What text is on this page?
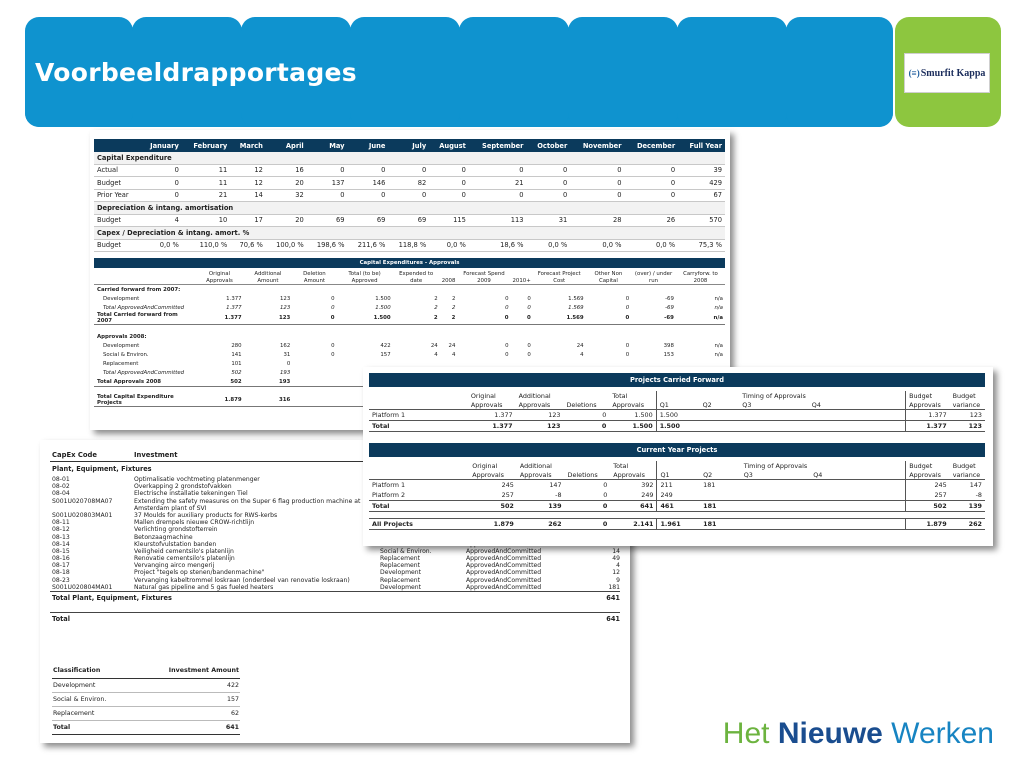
Voorbeeldrapportages	(≡) Smurfit Kappa
	January	February	March	April	May	June	July	August	September	October	November	December	Full Year
Capital Expenditure													
Actual	0	11	12	16	0	0	0	0	0	0	0	0	39
Budget	0	11	12	20	137	146	82	0	21	0	0	0	429
Prior Year	0	21	14	32	0	0	0	0	0	0	0	0	67
Depreciation & intang. amortisation													
Budget	4	10	17	20	69	69	69	115	113	31	28	26	570
Capex / Depreciation & intang. amort. %													
Budget	0,0 %	110,0 %	70,6 %	100,0 %	198,6 %	211,6 %	118,8 %	0,0 %	18,6 %	0,0 %	0,0 %	0,0 %	75,3 %
Capital Expenditures - Approvals												
	Original Approvals	Additional Amount	Deletion Amount	Total (to be) Approved	Expended to date	2008	Forecast Spend 2009	2010+	Forecast Project Cost	Other Non Capital	(over) / under run	Carryforw. to 2008
Carried forward from 2007:												
Development	1.377	123	0	1.500	2	2	0	0	1.569	0	-69	n/a
Total ApprovedAndCommitted	1.377	123	0	1.500	2	2	0	0	1.569	0	-69	n/a
Total Carried forward from 2007	1.377	123	0	1.500	2	2	0	0	1.569	0	-69	n/a

Approvals 2008:												
Development	280	162	0	422	24	24	0	0	24	0	398	n/a
Social & Environ.	141	31	0	157	4	4	0	0	4	0	153	n/a
Replacement	101	0										
Total ApprovedAndCommitted	502	193										
Total Approvals 2008	502	193										

Total Capital Expenditure Projects	1.879	316										
CapEx Code	Investment
Plant, Equipment, Fixtures
08-01	Optimalisatie vochtmeting platenmenger
08-02	Overkapping 2 grondstofvakken
08-04	Electrische installatie tekeningen Tiel
S001U020708MA07	Extending the safety measures on the Super 6 flag production machine at
Amsterdam plant of SVI
S001U020803MA01	37 Moulds for auxiliary products for RWS-kerbs
08-11	Mallen drempels nieuwe CROW-richtlijn
08-12	Verlichting grondstofterrein
08-13	Betonzaagmachine
08-14	Kleurstofvulstation banden
08-15	Veiligheid cementsilo's platenlijn	Social & Environ.	ApprovedAndCommitted	14
08-16	Renovatie cementsilo's platenlijn	Replacement	ApprovedAndCommitted	49
08-17	Vervanging airco mengerij	Replacement	ApprovedAndCommitted	4
08-18	Project "tegels op stenen/bandenmachine"	Development	ApprovedAndCommitted	12
08-23	Vervanging kabeltrommel loskraan (onderdeel van renovatie loskraan)	Replacement	ApprovedAndCommitted	9
S001U020804MA01	Natural gas pipeline and 5 gas fueled heaters	Development	ApprovedAndCommitted	181
Total Plant, Equipment, Fixtures	641
Total	641
Classification	Investment Amount
Development	422
Social & Environ.	157
Replacement	62
Total	641
Projects Carried Forward
	Original	Additional		Total			Timing of Approvals			Budget	Budget
	Approvals	Approvals	Deletions	Approvals	Q1	Q2	Q3	Q4		Approvals	variance
Platform 1	1.377	123	0	1.500	1.500					1.377	123
Total	1.377	123	0	1.500	1.500					1.377	123
Current Year Projects
	Original	Additional		Total			Timing of Approvals			Budget	Budget
	Approvals	Approvals	Deletions	Approvals	Q1	Q2	Q3	Q4		Approvals	variance
Platform 1	245	147	0	392	211	181				245	147
Platform 2	257	-8	0	249	249					257	-8
Total	502	139	0	641	461	181				502	139

All Projects	1.879	262	0	2.141	1.961	181				1.879	262
Het Nieuwe Werken
